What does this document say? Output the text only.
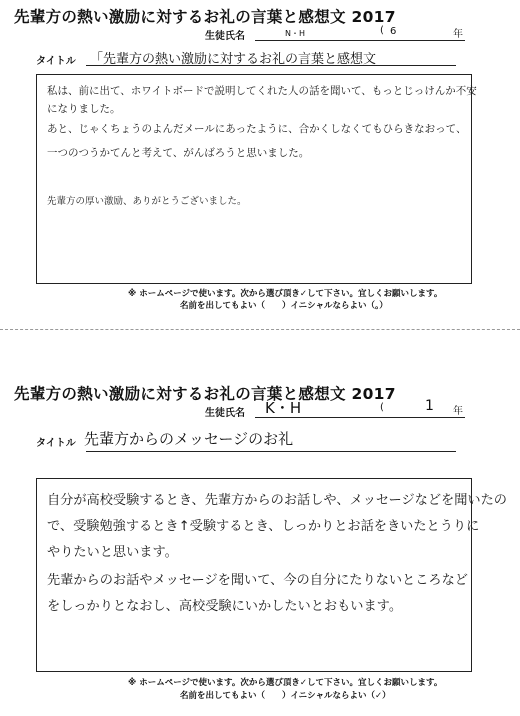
先輩方の熱い激励に対するお礼の言葉と感想文 2017
生徒氏名	N・H	( 6	年
タイトル 「先輩方の熱い激励に対するお礼の言葉と感想文
私は、前に出て、ホワイトボードで説明してくれた人の話を聞いて、もっとじっけんか不安
になりました。
あと、じゃくちょうのよんだメールにあったように、合かくしなくてもひらきなおって、
一つのつうかてんと考えて、がんばろうと思いました。
先輩方の厚い激励、ありがとうございました。
※ ホームページで使います。次から選び頂き✓して下さい。宜しくお願いします。
名前を出してもよい（　　）イニシャルならよい（。）
先輩方の熱い激励に対するお礼の言葉と感想文 2017
生徒氏名 K・H	(	1 年
タイトル 先輩方からのメッセージのお礼
自分が高校受験するとき、先輩方からのお話しや、メッセージなどを聞いたの
で、受験勉強するとき↑受験するとき、しっかりとお話をきいたとうりに
やりたいと思います。
先輩からのお話やメッセージを聞いて、今の自分にたりないところなど
をしっかりとなおし、高校受験にいかしたいとおもいます。
※ ホームページで使います。次から選び頂き✓して下さい。宜しくお願いします。
名前を出してもよい（　　）イニシャルならよい（✓）
